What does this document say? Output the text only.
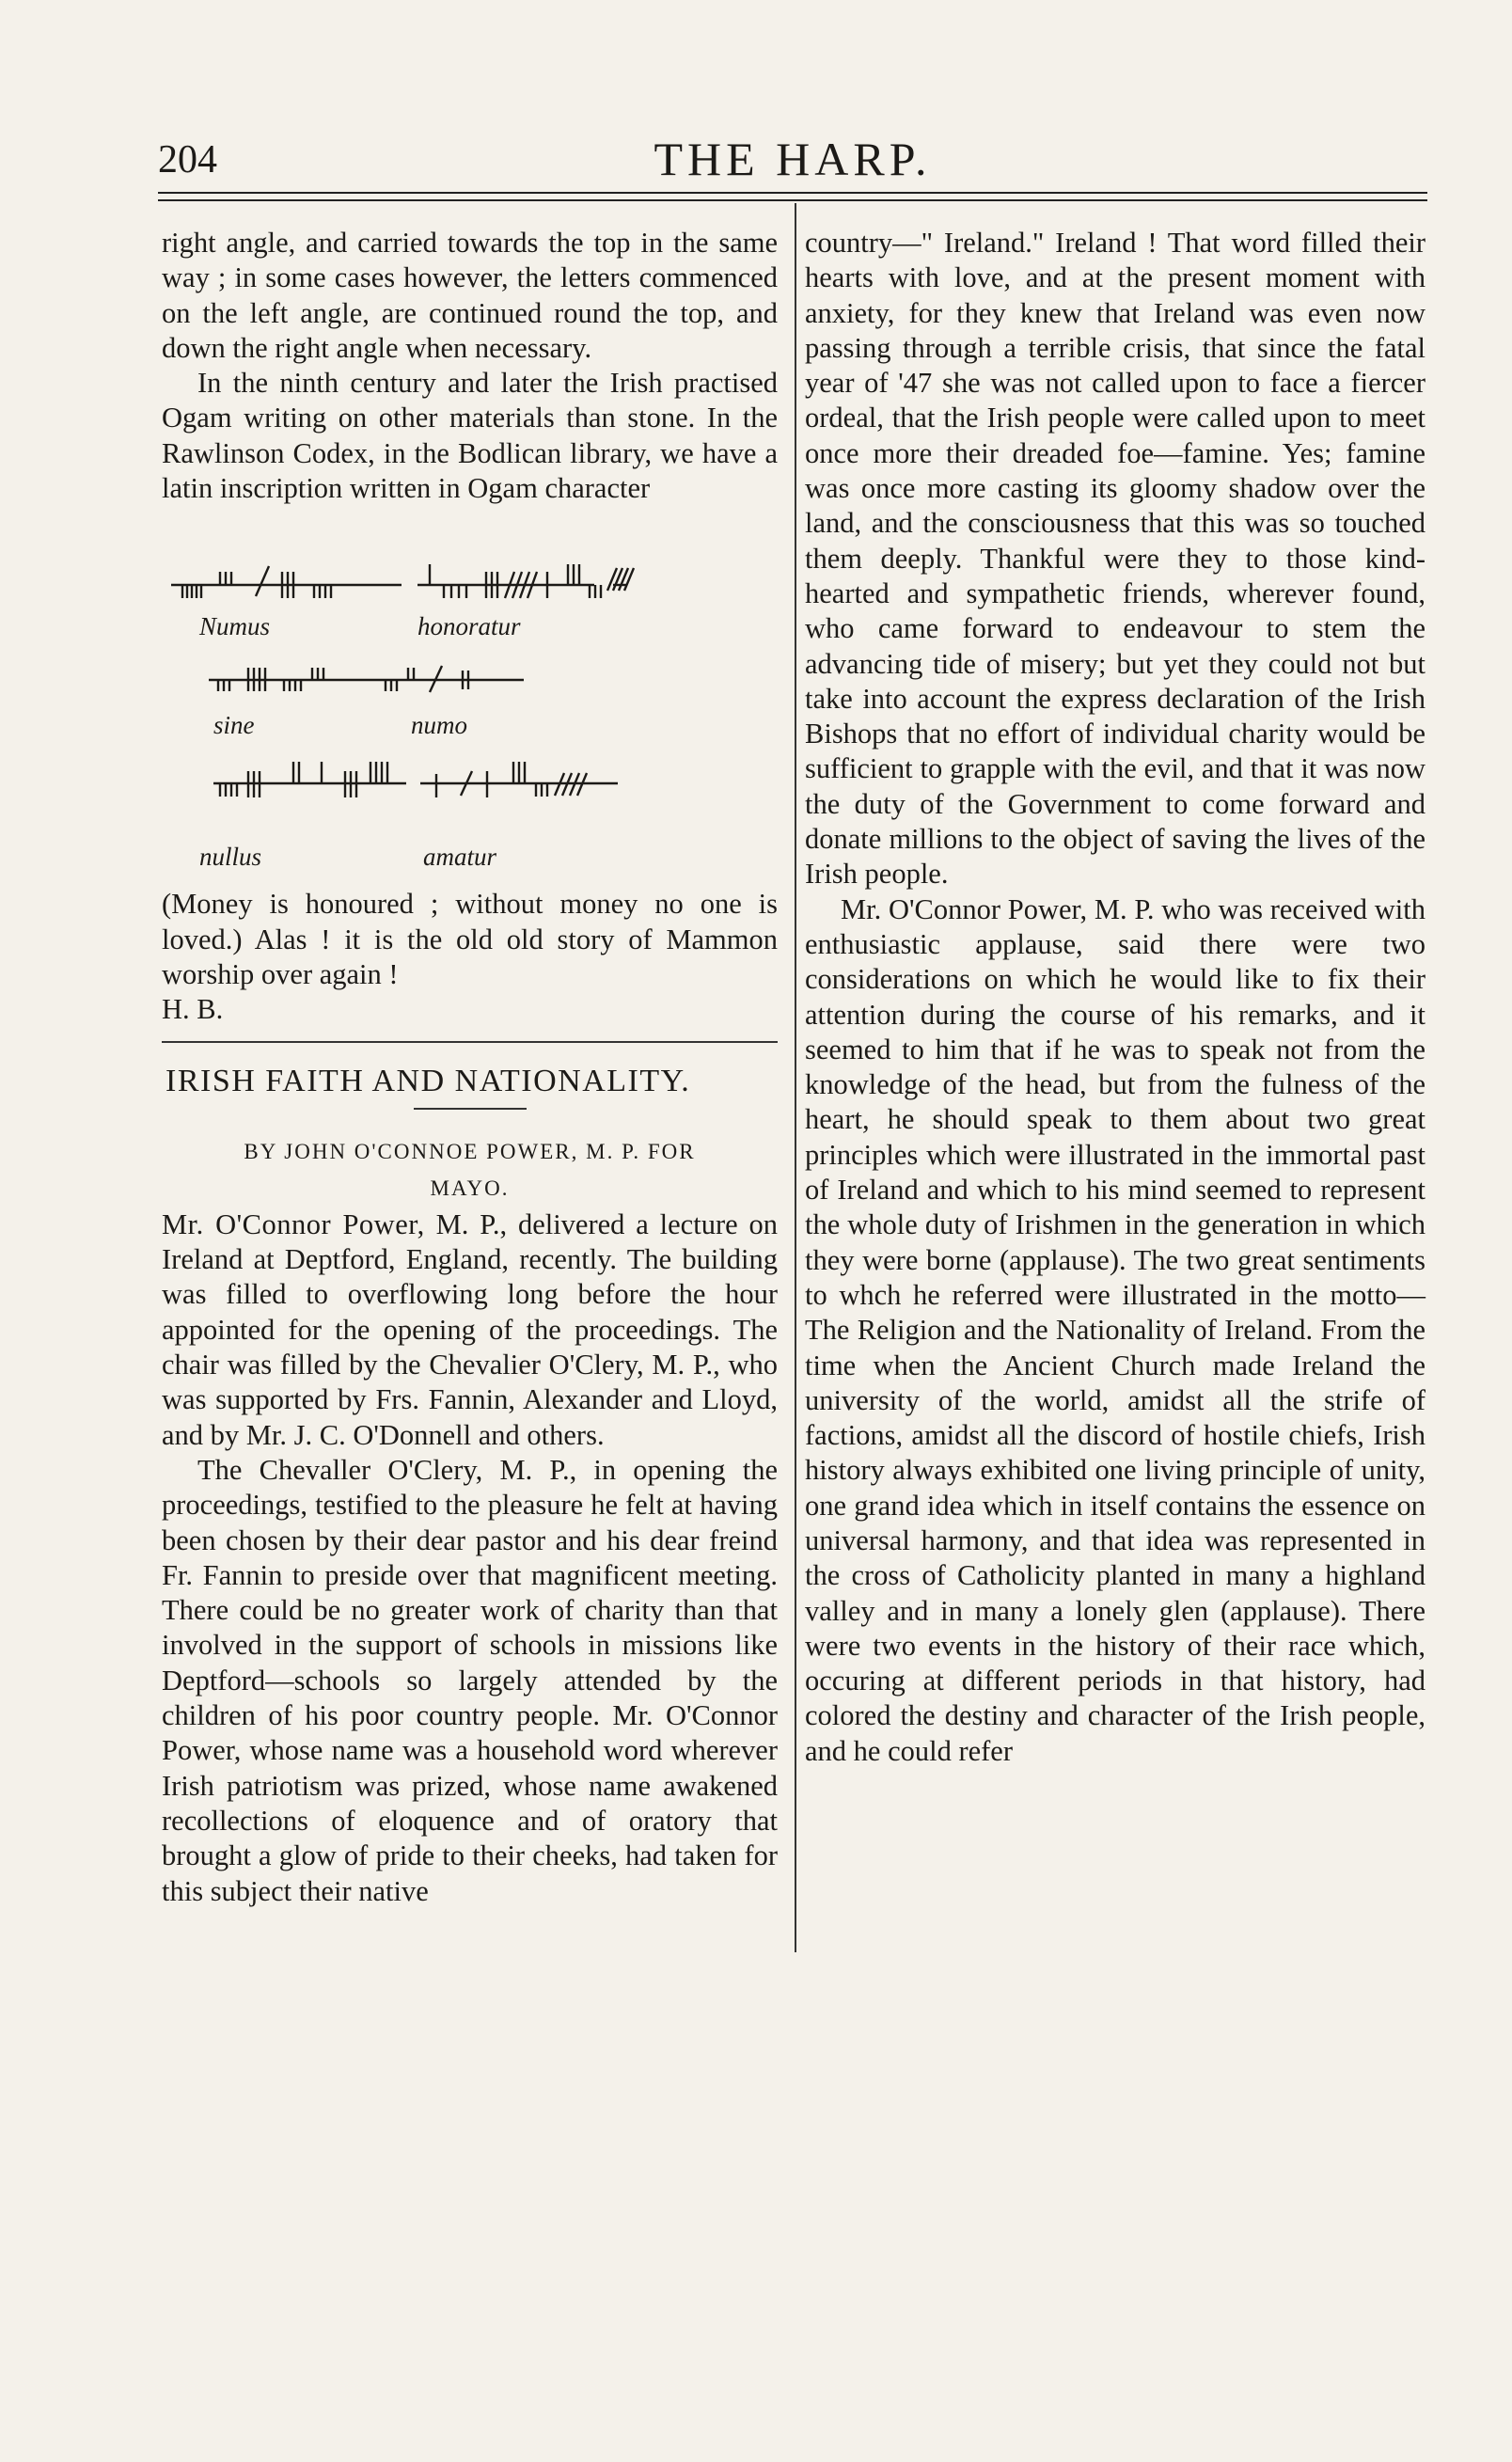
204	THE HARP.

right angle, and carried towards the top in the same way ; in some cases however, the letters commenced on the left angle, are continued round the top, and down the right angle when necessary.

In the ninth century and later the Irish practised Ogam writing on other materials than stone. In the Rawlinson Codex, in the Bodlican library, we have a latin inscription written in Ogam character

Numus	honoratur
sine	numo
nullus	amatur

(Money is honoured ; without money no one is loved.) Alas ! it is the old old story of Mammon worship over again !

H. B.

IRISH FAITH AND NATIONALITY.
BY JOHN O'CONNOE POWER, M. P. FOR
MAYO.

Mr. O'Connor Power, M. P., delivered a lecture on Ireland at Deptford, England, recently. The building was filled to overflowing long before the hour appointed for the opening of the proceedings. The chair was filled by the Chevalier O'Clery, M. P., who was supported by Frs. Fannin, Alexander and Lloyd, and by Mr. J. C. O'Donnell and others.

The Chevaller O'Clery, M. P., in opening the proceedings, testified to the pleasure he felt at having been chosen by their dear pastor and his dear freind Fr. Fannin to preside over that magnificent meeting. There could be no greater work of charity than that involved in the support of schools in missions like Deptford—schools so largely attended by the children of his poor country people. Mr. O'Connor Power, whose name was a household word wherever Irish patriotism was prized, whose name awakened recollections of eloquence and of oratory that brought a glow of pride to their cheeks, had taken for this subject their native

country—" Ireland." Ireland ! That word filled their hearts with love, and at the present moment with anxiety, for they knew that Ireland was even now passing through a terrible crisis, that since the fatal year of '47 she was not called upon to face a fiercer ordeal, that the Irish people were called upon to meet once more their dreaded foe—famine. Yes; famine was once more casting its gloomy shadow over the land, and the consciousness that this was so touched them deeply. Thankful were they to those kind-hearted and sympathetic friends, wherever found, who came forward to endeavour to stem the advancing tide of misery; but yet they could not but take into account the express declaration of the Irish Bishops that no effort of individual charity would be sufficient to grapple with the evil, and that it was now the duty of the Government to come forward and donate millions to the object of saving the lives of the Irish people.

Mr. O'Connor Power, M. P. who was received with enthusiastic applause, said there were two considerations on which he would like to fix their attention during the course of his remarks, and it seemed to him that if he was to speak not from the knowledge of the head, but from the fulness of the heart, he should speak to them about two great principles which were illustrated in the immortal past of Ireland and which to his mind seemed to represent the whole duty of Irishmen in the generation in which they were borne (applause). The two great sentiments to whch he referred were illustrated in the motto—The Religion and the Nationality of Ireland. From the time when the Ancient Church made Ireland the university of the world, amidst all the strife of factions, amidst all the discord of hostile chiefs, Irish history always exhibited one living principle of unity, one grand idea which in itself contains the essence on universal harmony, and that idea was represented in the cross of Catholicity planted in many a highland valley and in many a lonely glen (applause). There were two events in the history of their race which, occuring at different periods in that history, had colored the destiny and character of the Irish people, and he could refer
